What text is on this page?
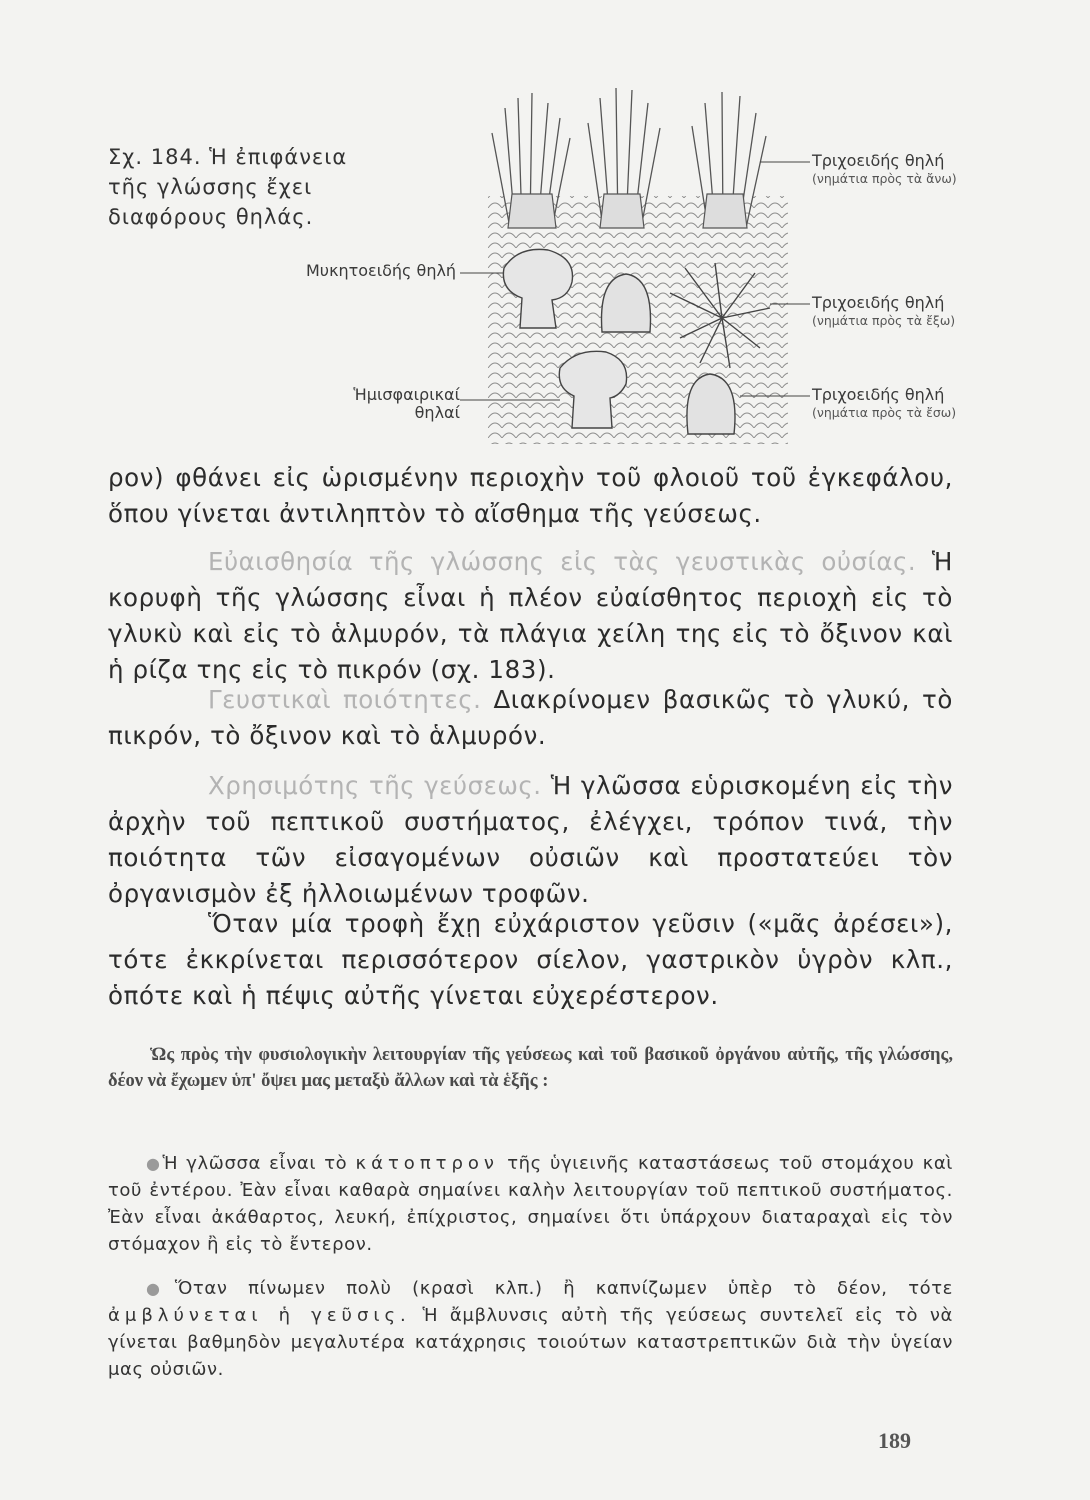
Σχ. 184. Ἡ ἐπιφάνεια τῆς γλώσσης ἔχει διαφόρους θηλάς.
Μυκητοειδής θηλή
Ἡμισφαιρικαί θηλαί
Τριχοειδής θηλή
(νημάτια πρὸς τὰ ἄνω)
Τριχοειδής θηλή
(νημάτια πρὸς τὰ ἔξω)
Τριχοειδής θηλή
(νημάτια πρὸς τὰ ἔσω)

ρον) φθάνει εἰς ὡρισμένην περιοχὴν τοῦ φλοιοῦ τοῦ ἐγκεφάλου, ὅπου γίνεται ἀντιληπτὸν τὸ αἴσθημα τῆς γεύσεως.

Εὐαισθησία τῆς γλώσσης εἰς τὰς γευστικὰς οὐσίας. Ἡ κορυφὴ τῆς γλώσσης εἶναι ἡ πλέον εὐαίσθητος περιοχὴ εἰς τὸ γλυκὺ καὶ εἰς τὸ ἁλμυρόν, τὰ πλάγια χείλη της εἰς τὸ ὄξινον καὶ ἡ ρίζα της εἰς τὸ πικρόν (σχ. 183).

Γευστικαὶ ποιότητες. Διακρίνομεν βασικῶς τὸ γλυκύ, τὸ πικρόν, τὸ ὄξινον καὶ τὸ ἁλμυρόν.

Χρησιμότης τῆς γεύσεως. Ἡ γλῶσσα εὑρισκομένη εἰς τὴν ἀρχὴν τοῦ πεπτικοῦ συστήματος, ἐλέγχει, τρόπον τινά, τὴν ποιότητα τῶν εἰσαγομένων οὐσιῶν καὶ προστατεύει τὸν ὀργανισμὸν ἐξ ἠλλοιωμένων τροφῶν.

Ὅταν μία τροφὴ ἔχῃ εὐχάριστον γεῦσιν («μᾶς ἀρέσει»), τότε ἐκκρίνεται περισσότερον σίελον, γαστρικὸν ὑγρὸν κλπ., ὁπότε καὶ ἡ πέψις αὐτῆς γίνεται εὐχερέστερον.

Ὡς πρὸς τὴν φυσιολογικὴν λειτουργίαν τῆς γεύσεως καὶ τοῦ βασικοῦ ὀργάνου αὐτῆς, τῆς γλώσσης, δέον νὰ ἔχωμεν ὑπ' ὄψει μας μεταξὺ ἄλλων καὶ τὰ ἑξῆς :

●Ἡ γλῶσσα εἶναι τὸ κάτοπτρον τῆς ὑγιεινῆς καταστάσεως τοῦ στομάχου καὶ τοῦ ἐντέρου. Ἐὰν εἶναι καθαρὰ σημαίνει καλὴν λειτουργίαν τοῦ πεπτικοῦ συστήματος. Ἐὰν εἶναι ἀκάθαρτος, λευκή, ἐπίχριστος, σημαίνει ὅτι ὑπάρχουν διαταραχαὶ εἰς τὸν στόμαχον ἢ εἰς τὸ ἔντερον.

●Ὅταν πίνωμεν πολὺ (κρασὶ κλπ.) ἢ καπνίζωμεν ὑπὲρ τὸ δέον, τότε ἀμβλύνεται ἡ γεῦσις. Ἡ ἄμβλυνσις αὐτὴ τῆς γεύσεως συντελεῖ εἰς τὸ νὰ γίνεται βαθμηδὸν μεγαλυτέρα κατάχρησις τοιούτων καταστρεπτικῶν διὰ τὴν ὑγείαν μας οὐσιῶν.

189
